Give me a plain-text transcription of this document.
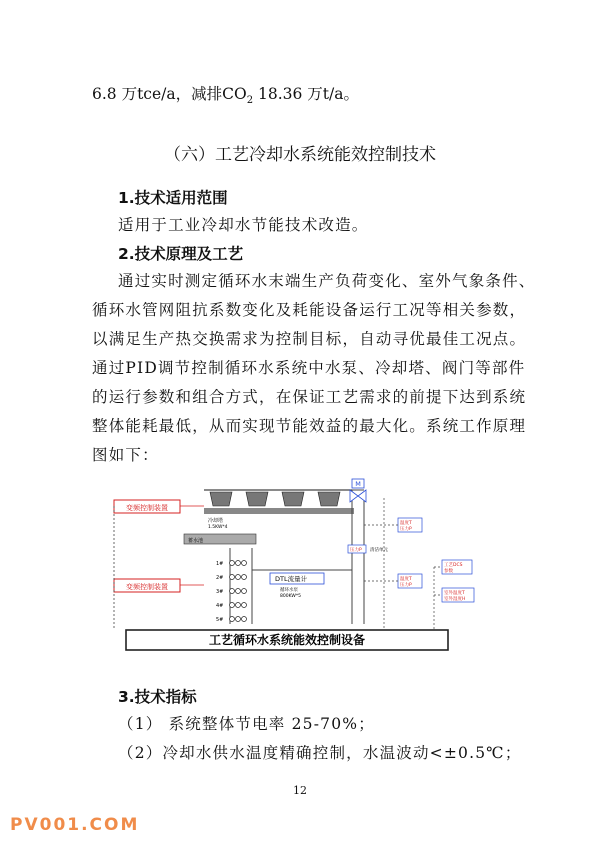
6.8 万tce/a，减排$CO_2$ 18.36 万t/a。
（六）工艺冷却水系统能效控制技术
1.技术适用范围
适用于工业冷却水节能技术改造。
2.技术原理及工艺
通过实时测定循环水末端生产负荷变化、室外气象条件、
循环水管网阻抗系数变化及耗能设备运行工况等相关参数，
以满足生产热交换需求为控制目标，自动寻优最佳工况点。
通过PID调节控制循环水系统中水泵、冷却塔、阀门等部件
的运行参数和组合方式，在保证工艺需求的前提下达到系统
整体能耗最低，从而实现节能效益的最大化。系统工作原理
图如下：
工艺循环水系统能效控制设备
变频控制装置
变频控制装置
冷却塔
1.5KW*4
蓄水池
1#
2#
3#
4#
5#
DTL流量计
循环水泵
800KW*5
M
压力P 清洁单元
温度T
压力P
温度T
压力P
工艺DCS
参数
室外温度T
室外湿度H
3.技术指标
（1） 系统整体节电率 25-70%；
（2）冷却水供水温度精确控制，水温波动<±0.5℃；
12
PV001.COM
